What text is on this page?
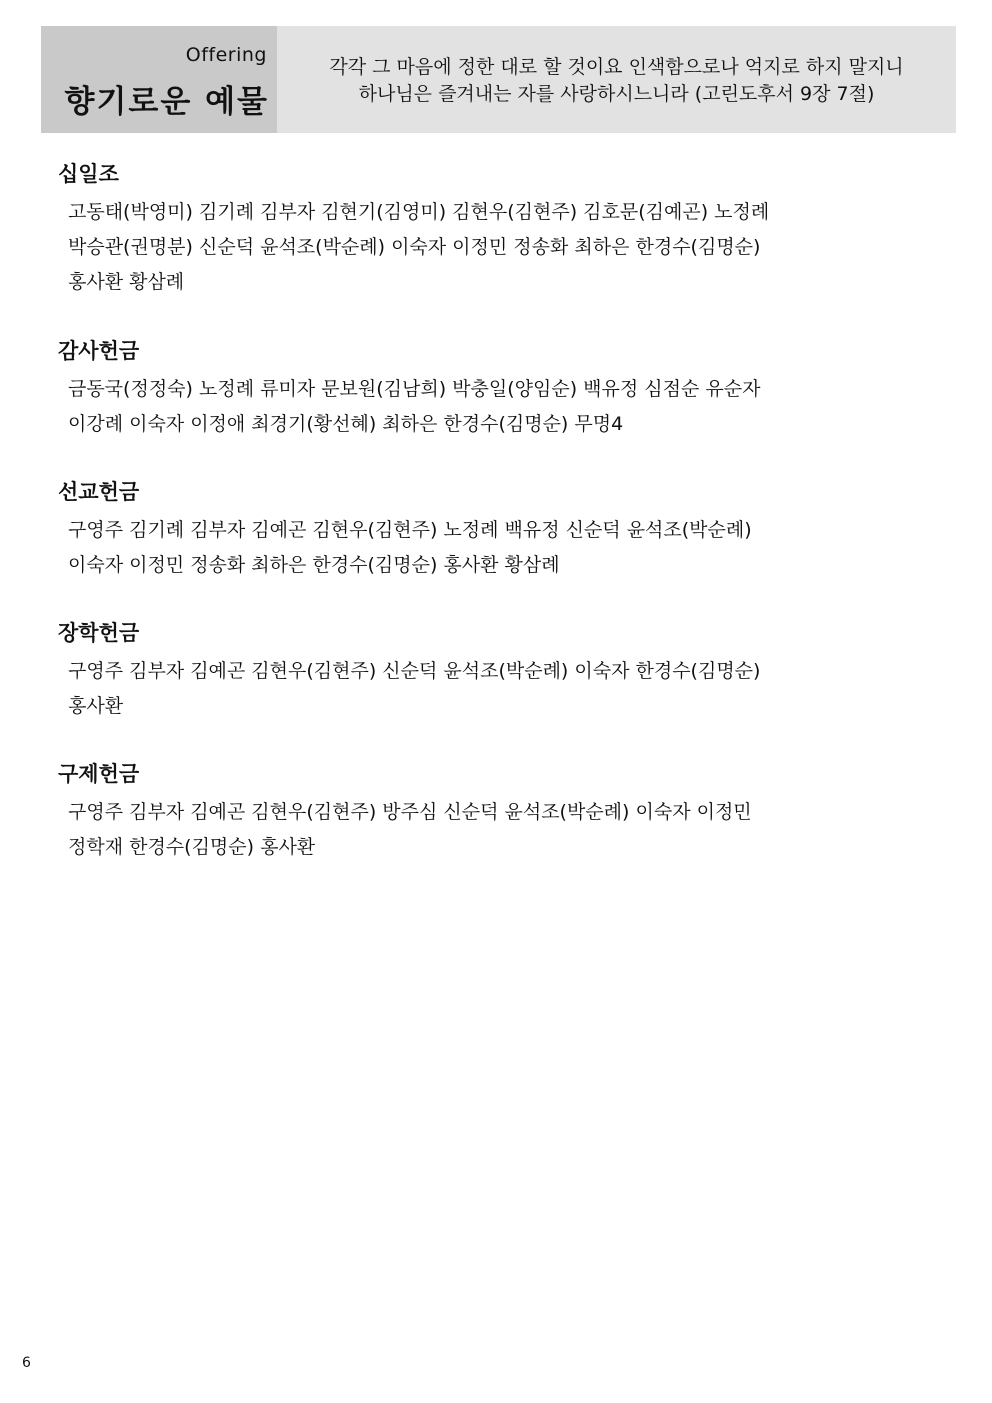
Offering
향기로운 예물
각각 그 마음에 정한 대로 할 것이요 인색함으로나 억지로 하지 말지니
하나님은 즐겨내는 자를 사랑하시느니라 (고린도후서 9장 7절)
십일조
고동태(박영미) 김기례 김부자 김현기(김영미) 김현우(김현주) 김호문(김예곤) 노정례
박승관(권명분) 신순덕 윤석조(박순례) 이숙자 이정민 정송화 최하은 한경수(김명순)
홍사환 황삼례
감사헌금
금동국(정정숙) 노정례 류미자 문보원(김남희) 박충일(양임순) 백유정 심점순 유순자
이강례 이숙자 이정애 최경기(황선혜) 최하은 한경수(김명순) 무명4
선교헌금
구영주 김기례 김부자 김예곤 김현우(김현주) 노정례 백유정 신순덕 윤석조(박순례)
이숙자 이정민 정송화 최하은 한경수(김명순) 홍사환 황삼례
장학헌금
구영주 김부자 김예곤 김현우(김현주) 신순덕 윤석조(박순례) 이숙자 한경수(김명순)
홍사환
구제헌금
구영주 김부자 김예곤 김현우(김현주) 방주심 신순덕 윤석조(박순례) 이숙자 이정민
정학재 한경수(김명순) 홍사환
6
